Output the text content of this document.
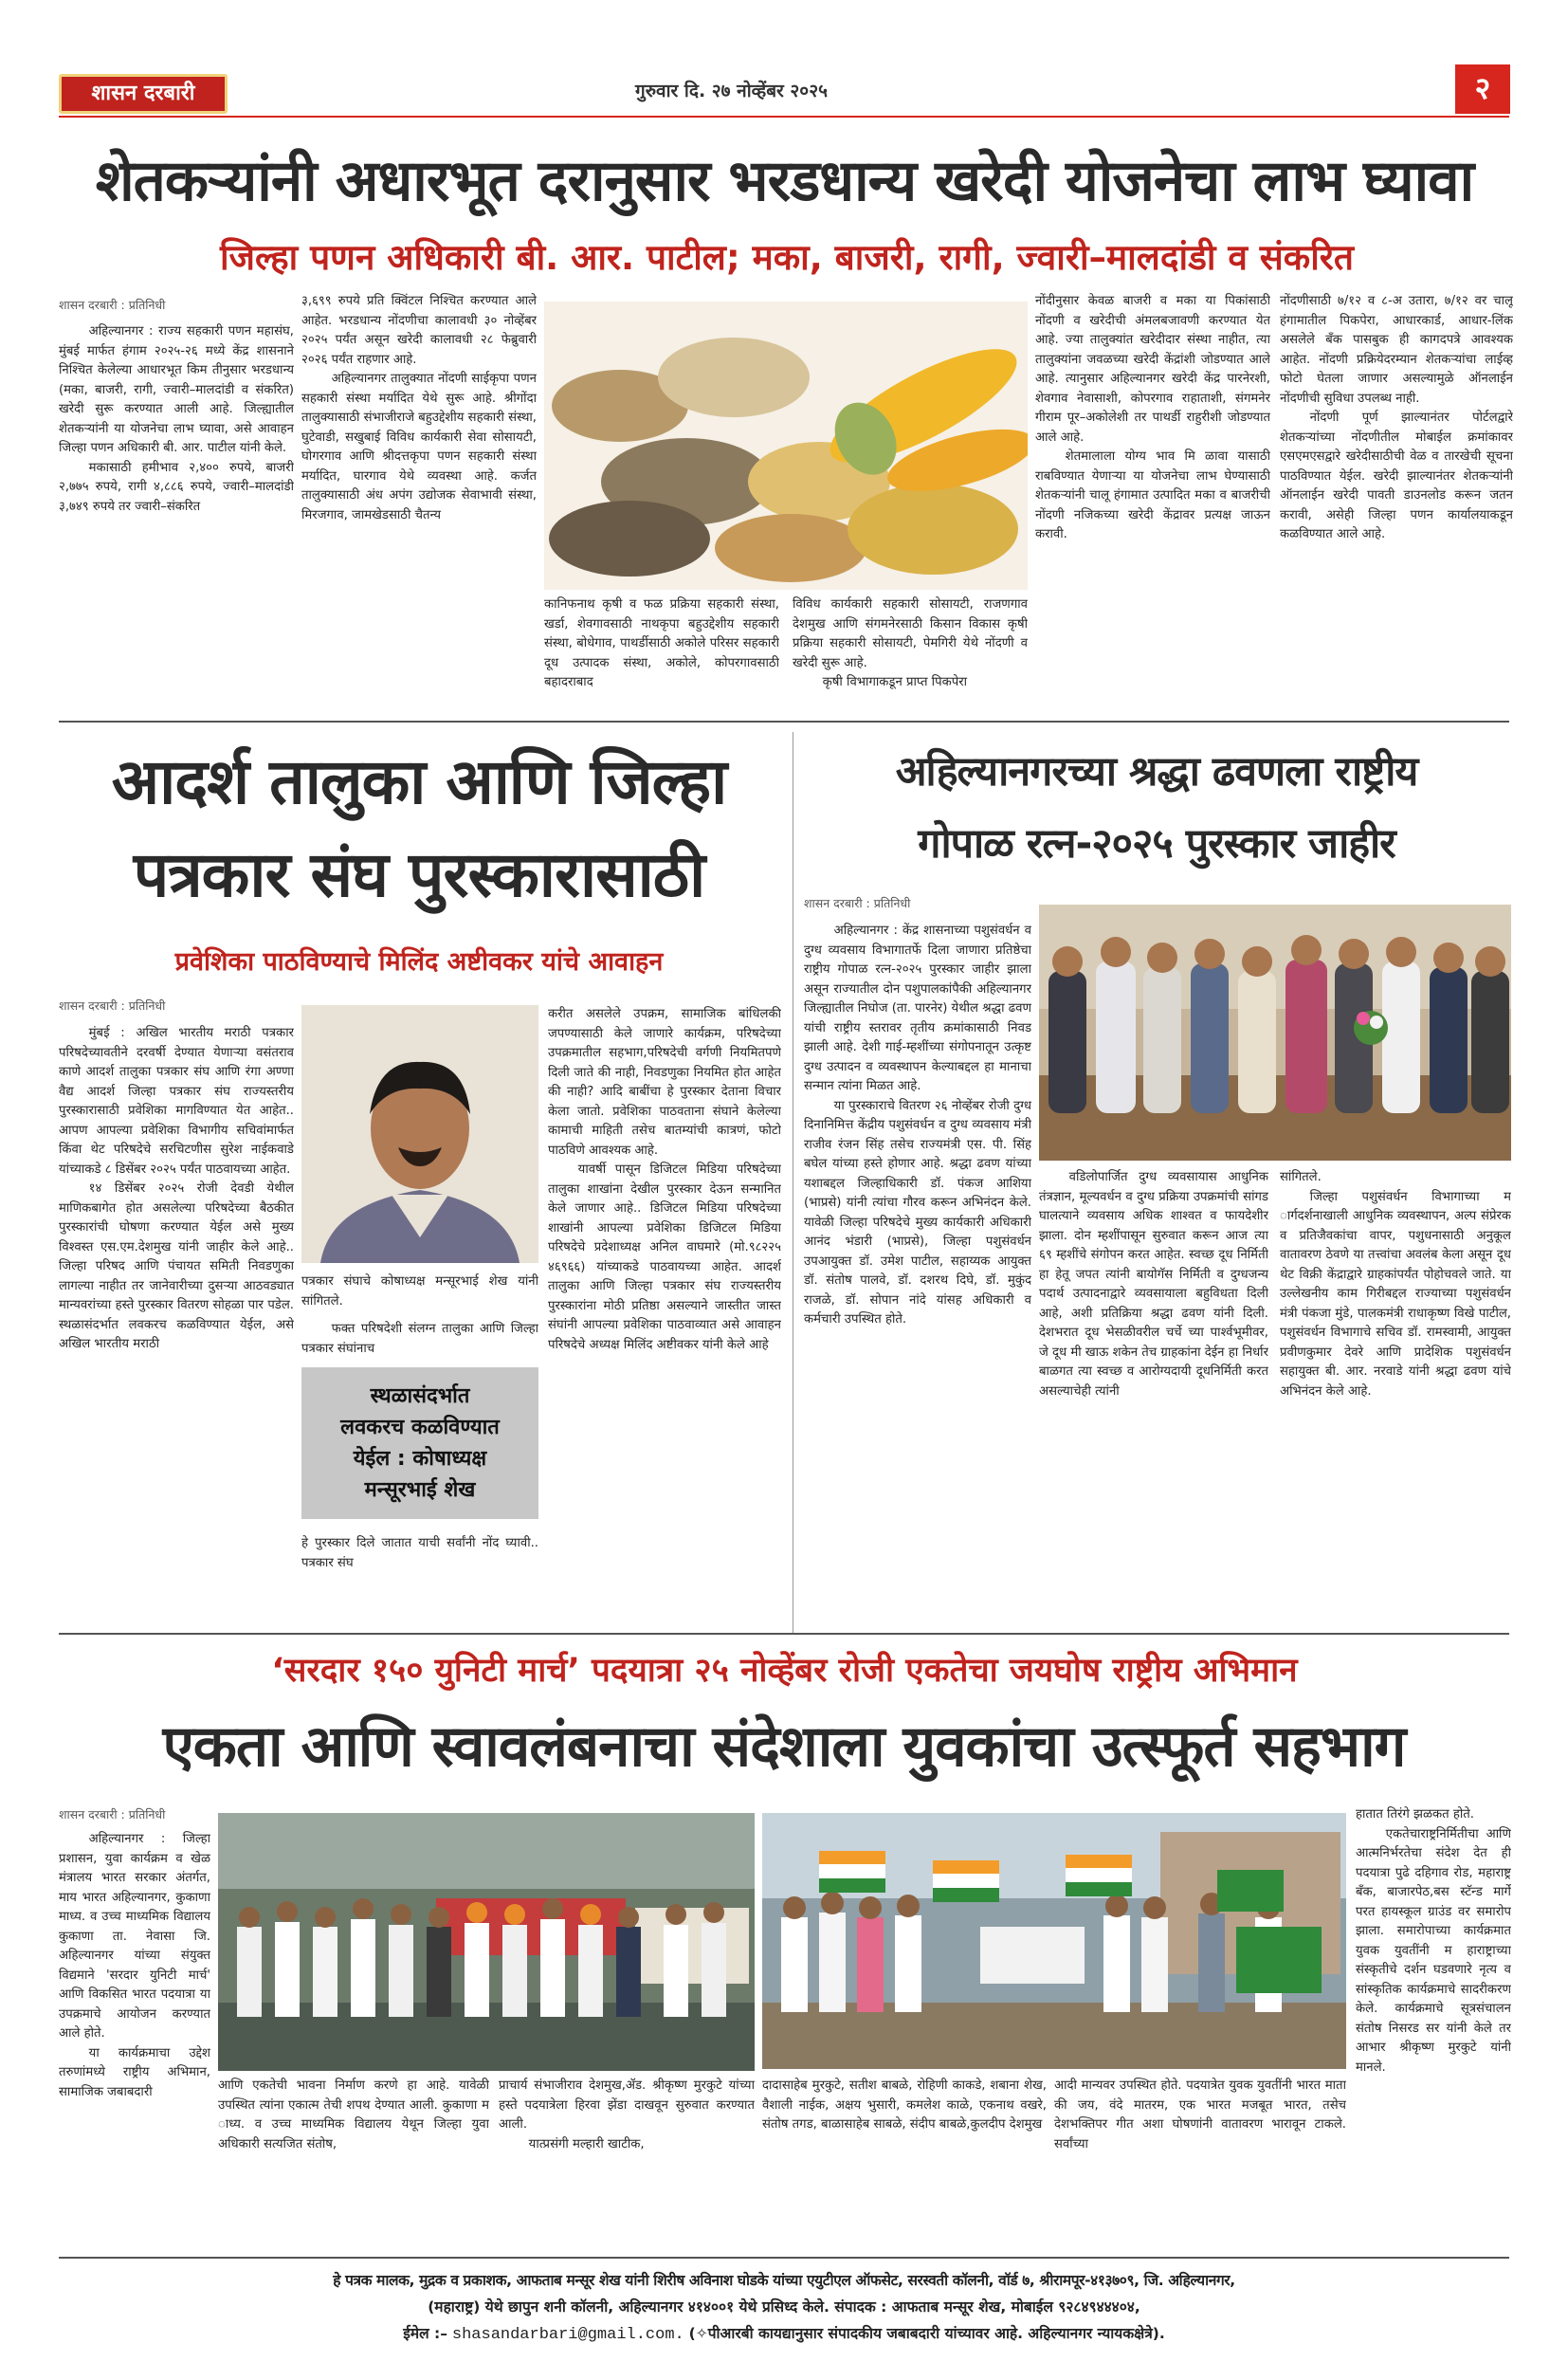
शासन दरबारी	गुरुवार दि. २७ नोव्हेंबर २०२५	२
शेतकऱ्यांनी अधारभूत दरानुसार भरडधान्य खरेदी योजनेचा लाभ घ्यावा
जिल्हा पणन अधिकारी बी. आर. पाटील; मका, बाजरी, रागी, ज्वारी–मालदांडी व संकरित
शासन दरबारी : प्रतिनिधी

अहिल्यानगर : राज्य सहकारी पणन महासंघ, मुंबई मार्फत हंगाम २०२५-२६ मध्ये केंद्र शासनाने निश्चित केलेल्या आधारभूत किम तीनुसार भरडधान्य (मका, बाजरी, रागी, ज्वारी–मालदांडी व संकरित) खरेदी सुरू करण्यात आली आहे. जिल्ह्यातील शेतकऱ्यांनी या योजनेचा लाभ घ्यावा, असे आवाहन जिल्हा पणन अधिकारी बी. आर. पाटील यांनी केले.

मकासाठी हमीभाव २,४०० रुपये, बाजरी २,७७५ रुपये, रागी ४,८८६ रुपये, ज्वारी–मालदांडी ३,७४९ रुपये तर ज्वारी–संकरित

३,६९९ रुपये प्रति क्विंटल निश्चित करण्यात आले आहेत. भरडधान्य नोंदणीचा कालावधी ३० नोव्हेंबर २०२५ पर्यंत असून खरेदी कालावधी २८ फेब्रुवारी २०२६ पर्यंत राहणार आहे.

अहिल्यानगर तालुक्यात नोंदणी साईकृपा पणन सहकारी संस्था मर्यादित येथे सुरू आहे. श्रीगोंदा तालुक्यासाठी संभाजीराजे बहुउद्देशीय सहकारी संस्था, घुटेवाडी, सखुबाई विविध कार्यकारी सेवा सोसायटी, घोगरगाव आणि श्रीदत्तकृपा पणन सहकारी संस्था मर्यादित, घारगाव येथे व्यवस्था आहे. कर्जत तालुक्यासाठी अंध अपंग उद्योजक सेवाभावी संस्था, मिरजगाव, जामखेडसाठी चैतन्य

कानिफनाथ कृषी व फळ प्रक्रिया सहकारी संस्था, खर्डा, शेवगावसाठी नाथकृपा बहुउद्देशीय सहकारी संस्था, बोधेगाव, पाथर्डीसाठी अकोले परिसर सहकारी दूध उत्पादक संस्था, अकोले, कोपरगावसाठी बहादराबाद

विविध कार्यकारी सहकारी सोसायटी, राजणगाव देशमुख आणि संगमनेरसाठी किसान विकास कृषी प्रक्रिया सहकारी सोसायटी, पेमगिरी येथे नोंदणी व खरेदी सुरू आहे.

कृषी विभागाकडून प्राप्त पिकपेरा

नोंदीनुसार केवळ बाजरी व मका या पिकांसाठी नोंदणी व खरेदीची अंमलबजावणी करण्यात येत आहे. ज्या तालुक्यांत खरेदीदार संस्था नाहीत, त्या तालुक्यांना जवळच्या खरेदी केंद्रांशी जोडण्यात आले आहे. त्यानुसार अहिल्यानगर खरेदी केंद्र पारनेरशी, शेवगाव नेवासाशी, कोपरगाव राहाताशी, संगमनेर गीराम पूर–अकोलेशी तर पाथर्डी राहुरीशी जोडण्यात आले आहे.

शेतमालाला योग्य भाव मि ळावा यासाठी राबविण्यात येणाऱ्या या योजनेचा लाभ घेण्यासाठी शेतकऱ्यांनी चालू हंगामात उत्पादित मका व बाजरीची नोंदणी नजिकच्या खरेदी केंद्रावर प्रत्यक्ष जाऊन करावी.

नोंदणीसाठी ७/१२ व ८-अ उतारा, ७/१२ वर चालू हंगामातील पिकपेरा, आधारकार्ड, आधार-लिंक असलेले बँक पासबुक ही कागदपत्रे आवश्यक आहेत. नोंदणी प्रक्रियेदरम्यान शेतकऱ्यांचा लाईव्ह फोटो घेतला जाणार असल्यामुळे ऑनलाईन नोंदणीची सुविधा उपलब्ध नाही.

नोंदणी पूर्ण झाल्यानंतर पोर्टलद्वारे शेतकऱ्यांच्या नोंदणीतील मोबाईल क्रमांकावर एसएमएसद्वारे खरेदीसाठीची वेळ व तारखेची सूचना पाठविण्यात येईल. खरेदी झाल्यानंतर शेतकऱ्यांनी ऑनलाईन खरेदी पावती डाउनलोड करून जतन करावी, असेही जिल्हा पणन कार्यालयाकडून कळविण्यात आले आहे.

आदर्श तालुका आणि जिल्हा
पत्रकार संघ पुरस्कारासाठी
प्रवेशिका पाठविण्याचे मिलिंद अष्टीवकर यांचे आवाहन
शासन दरबारी : प्रतिनिधी

मुंबई : अखिल भारतीय मराठी पत्रकार परिषदेच्यावतीने दरवर्षी देण्यात येणाऱ्या वसंतराव काणे आदर्श तालुका पत्रकार संघ आणि रंगा अण्णा वैद्य आदर्श जिल्हा पत्रकार संघ राज्यस्तरीय पुरस्कारासाठी प्रवेशिका मागविण्यात येत आहेत.. आपण आपल्या प्रवेशिका विभागीय सचिवांमार्फत किंवा थेट परिषदेचे सरचिटणीस सुरेश नाईकवाडे यांच्याकडे ८ डिसेंबर २०२५ पर्यंत पाठवायच्या आहेत.

१४ डिसेंबर २०२५ रोजी देवडी येथील माणिकबागेत होत असलेल्या परिषदेच्या बैठकीत पुरस्कारांची घोषणा करण्यात येईल असे मुख्य विश्वस्त एस.एम.देशमुख यांनी जाहीर केले आहे.. जिल्हा परिषद आणि पंचायत समिती निवडणुका लागल्या नाहीत तर जानेवारीच्या दुसऱ्या आठवड्यात मान्यवरांच्या हस्ते पुरस्कार वितरण सोहळा पार पडेल. स्थळासंदर्भात लवकरच कळविण्यात येईल, असे अखिल भारतीय मराठी

पत्रकार संघाचे कोषाध्यक्ष मन्सूरभाई शेख यांनी सांगितले.

फक्त परिषदेशी संलग्न तालुका आणि जिल्हा पत्रकार संघांनाच

स्थळासंदर्भात
लवकरच कळविण्यात
येईल : कोषाध्यक्ष
मन्सूरभाई शेख

हे पुरस्कार दिले जातात याची सर्वांनी नोंद घ्यावी.. पत्रकार संघ

करीत असलेले उपक्रम, सामाजिक बांधिलकी जपण्यासाठी केले जाणारे कार्यक्रम, परिषदेच्या उपक्रमातील सहभाग,परिषदेची वर्गणी नियमितपणे दिली जाते की नाही, निवडणुका नियमित होत आहेत की नाही? आदि बाबींचा हे पुरस्कार देताना विचार केला जातो. प्रवेशिका पाठवताना संघाने केलेल्या कामाची माहिती तसेच बातम्यांची कात्रणं, फोटो पाठविणे आवश्यक आहे.

यावर्षी पासून डिजिटल मिडिया परिषदेच्या तालुका शाखांना देखील पुरस्कार देऊन सन्मानित केले जाणार आहे.. डिजिटल मिडिया परिषदेच्या शाखांनी आपल्या प्रवेशिका डिजिटल मिडिया परिषदेचे प्रदेशाध्यक्ष अनिल वाघमारे (मो.९८२२५ ४६९६६) यांच्याकडे पाठवायच्या आहेत. आदर्श तालुका आणि जिल्हा पत्रकार संघ राज्यस्तरीय पुरस्कारांना मोठी प्रतिष्ठा असल्याने जास्तीत जास्त संघांनी आपल्या प्रवेशिका पाठवाव्यात असे आवाहन परिषदेचे अध्यक्ष मिलिंद अष्टीवकर यांनी केले आहे

अहिल्यानगरच्या श्रद्धा ढवणला राष्ट्रीय
गोपाळ रत्न-२०२५ पुरस्कार जाहीर
शासन दरबारी : प्रतिनिधी

अहिल्यानगर : केंद्र शासनाच्या पशुसंवर्धन व दुग्ध व्यवसाय विभागातर्फे दिला जाणारा प्रतिष्ठेचा राष्ट्रीय गोपाळ रत्न-२०२५ पुरस्कार जाहीर झाला असून राज्यातील दोन पशुपालकांपैकी अहिल्यानगर जिल्ह्यातील निघोज (ता. पारनेर) येथील श्रद्धा ढवण यांची राष्ट्रीय स्तरावर तृतीय क्रमांकासाठी निवड झाली आहे. देशी गाई-म्हशींच्या संगोपनातून उत्कृष्ट दुग्ध उत्पादन व व्यवस्थापन केल्याबद्दल हा मानाचा सन्मान त्यांना मिळत आहे.

या पुरस्काराचे वितरण २६ नोव्हेंबर रोजी दुग्ध दिनानिमित्त केंद्रीय पशुसंवर्धन व दुग्ध व्यवसाय मंत्री राजीव रंजन सिंह तसेच राज्यमंत्री एस. पी. सिंह बघेल यांच्या हस्ते होणार आहे. श्रद्धा ढवण यांच्या यशाबद्दल जिल्हाधिकारी डॉ. पंकज आशिया (भाप्रसे) यांनी त्यांचा गौरव करून अभिनंदन केले. यावेळी जिल्हा परिषदेचे मुख्य कार्यकारी अधिकारी आनंद भंडारी (भाप्रसे), जिल्हा पशुसंवर्धन उपआयुक्त डॉ. उमेश पाटील, सहाय्यक आयुक्त डॉ. संतोष पालवे, डॉ. दशरथ दिघे, डॉ. मुकुंद राजळे, डॉ. सोपान नांदे यांसह अधिकारी व कर्मचारी उपस्थित होते.

वडिलोपार्जित दुग्ध व्यवसायास आधुनिक तंत्रज्ञान, मूल्यवर्धन व दुग्ध प्रक्रिया उपक्रमांची सांगड घालत्याने व्यवसाय अधिक शाश्वत व फायदेशीर झाला. दोन म्हशींपासून सुरुवात करून आज त्या ६९ म्हशींचे संगोपन करत आहेत. स्वच्छ दूध निर्मिती हा हेतू जपत त्यांनी बायोगॅस निर्मिती व दुग्धजन्य पदार्थ उत्पादनाद्वारे व्यवसायाला बहुविधता दिली आहे, अशी प्रतिक्रिया श्रद्धा ढवण यांनी दिली. देशभरात दूध भेसळीवरील चर्चे च्या पार्श्वभूमीवर, जे दूध मी खाऊ शकेन तेच ग्राहकांना देईन हा निर्धार बाळगत त्या स्वच्छ व आरोग्यदायी दूधनिर्मिती करत असल्याचेही त्यांनी

सांगितले.

जिल्हा पशुसंवर्धन विभागाच्या म ार्गदर्शनाखाली आधुनिक व्यवस्थापन, अल्प संप्रेरक व प्रतिजैवकांचा वापर, पशुधनासाठी अनुकूल वातावरण ठेवणे या तत्त्वांचा अवलंब केला असून दूध थेट विक्री केंद्राद्वारे ग्राहकांपर्यंत पोहोचवले जाते. या उल्लेखनीय काम गिरीबद्दल राज्याच्या पशुसंवर्धन मंत्री पंकजा मुंडे, पालकमंत्री राधाकृष्ण विखे पाटील, पशुसंवर्धन विभागाचे सचिव डॉ. रामस्वामी, आयुक्त प्रवीणकुमार देवरे आणि प्रादेशिक पशुसंवर्धन सहायुक्त बी. आर. नरवाडे यांनी श्रद्धा ढवण यांचे अभिनंदन केले आहे.

‘सरदार १५० युनिटी मार्च’ पदयात्रा २५ नोव्हेंबर रोजी एकतेचा जयघोष राष्ट्रीय अभिमान
एकता आणि स्वावलंबनाचा संदेशाला युवकांचा उत्स्फूर्त सहभाग
शासन दरबारी : प्रतिनिधी

अहिल्यानगर : जिल्हा प्रशासन, युवा कार्यक्रम व खेळ मंत्रालय भारत सरकार अंतर्गत, माय भारत अहिल्यानगर, कुकाणा माध्य. व उच्च माध्यमिक विद्यालय कुकाणा ता. नेवासा जि. अहिल्यानगर यांच्या संयुक्त विद्यमाने 'सरदार युनिटी मार्च' आणि विकसित भारत पदयात्रा या उपक्रमाचे आयोजन करण्यात आले होते.

या कार्यक्रमाचा उद्देश तरुणांमध्ये राष्ट्रीय अभिमान, सामाजिक जबाबदारी	आणि एकतेची भावना निर्माण करणे हा आहे. यावेळी उपस्थित त्यांना एकात्म तेची शपथ देण्यात आली. कुकाणा म ाध्य. व उच्च माध्यमिक विद्यालय येथून जिल्हा युवा अधिकारी सत्यजित संतोष,

प्राचार्य संभाजीराव देशमुख,ॲड. श्रीकृष्ण मुरकुटे यांच्या हस्ते पदयात्रेला हिरवा झेंडा दाखवून सुरुवात करण्यात आली.

यात्प्रसंगी मल्हारी खाटीक,

दादासाहेब मुरकुटे, सतीश बाबळे, रोहिणी काकडे, शबाना शेख, वैशाली नाईक, अक्षय भुसारी, कमलेश काळे, एकनाथ वखरे, संतोष तगड, बाळासाहेब साबळे, संदीप बाबळे,कुलदीप देशमुख

आदी मान्यवर उपस्थित होते. पदयात्रेत युवक युवतींनी भारत माता की जय, वंदे मातरम, एक भारत मजबूत भारत, तसेच देशभक्तिपर गीत अशा घोषणांनी वातावरण भारावून टाकले. सर्वांच्या

हातात तिरंगे झळकत होते.

एकतेचाराष्ट्रनिर्मितीचा आणि आत्मनिर्भरतेचा संदेश देत ही पदयात्रा पुढे दहिगाव रोड, महाराष्ट्र बँक, बाजारपेठ,बस स्टॅन्ड मार्गे परत हायस्कूल ग्राउंड वर समारोप झाला. समारोपाच्या कार्यक्रमात युवक युवतींनी म हाराष्ट्राच्या संस्कृतीचे दर्शन घडवणारे नृत्य व सांस्कृतिक कार्यक्रमाचे सादरीकरण केले. कार्यक्रमाचे सूत्रसंचालन संतोष निसरड सर यांनी केले तर आभार श्रीकृष्ण मुरकुटे यांनी मानले.

हे पत्रक मालक, मुद्रक व प्रकाशक, आफताब मन्सूर शेख यांनी शिरीष अविनाश घोडके यांच्या एयुटीएल ऑफसेट, सरस्वती कॉलनी, वॉर्ड ७, श्रीरामपूर-४१३७०९, जि. अहिल्यानगर,
(महाराष्ट्र) येथे छापुन शनी कॉलनी, अहिल्यानगर ४१४००१ येथे प्रसिध्द केले. संपादक : आफताब मन्सूर शेख, मोबाईल ९२८४९४४४०४,
ईमेल :– shasandarbari@gmail.com. (✧पीआरबी कायद्यानुसार संपादकीय जबाबदारी यांच्यावर आहे. अहिल्यानगर न्यायकक्षेत्रे).
